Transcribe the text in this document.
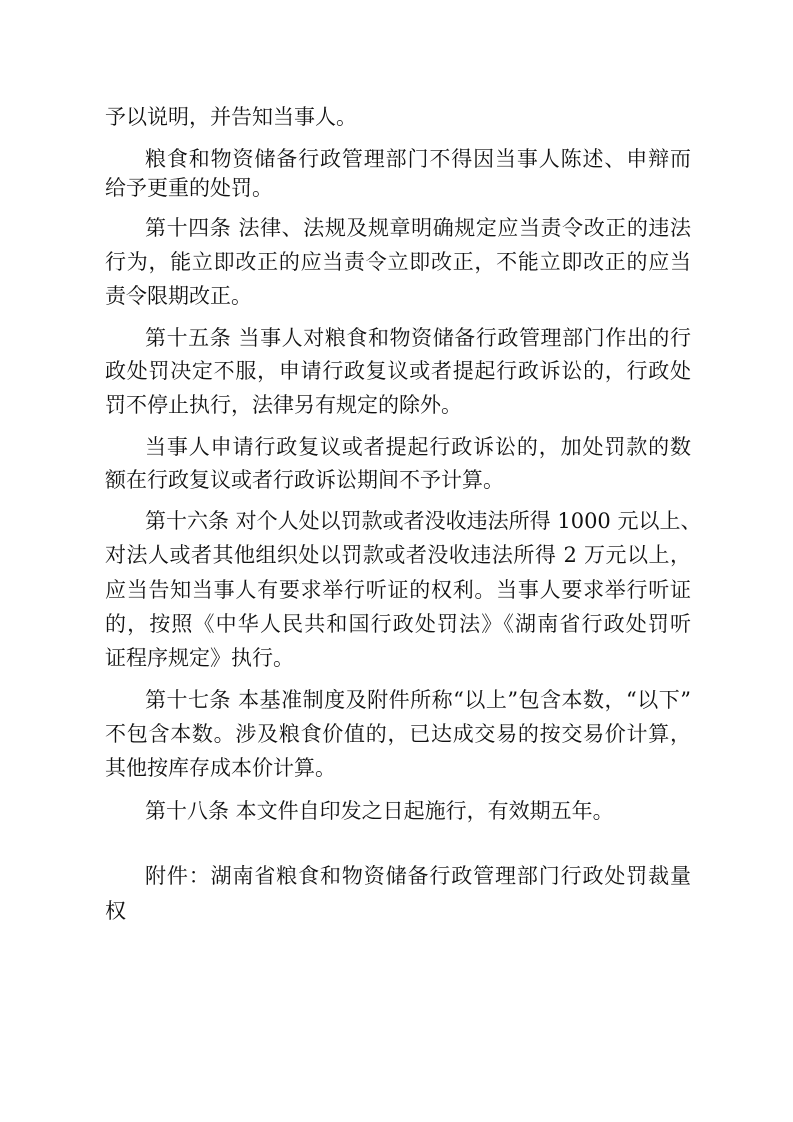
予以说明，并告知当事人。
粮食和物资储备行政管理部门不得因当事人陈述、申辩而
给予更重的处罚。
第十四条 法律、法规及规章明确规定应当责令改正的违法
行为，能立即改正的应当责令立即改正，不能立即改正的应当
责令限期改正。
第十五条 当事人对粮食和物资储备行政管理部门作出的行
政处罚决定不服，申请行政复议或者提起行政诉讼的，行政处
罚不停止执行，法律另有规定的除外。
当事人申请行政复议或者提起行政诉讼的，加处罚款的数
额在行政复议或者行政诉讼期间不予计算。
第十六条 对个人处以罚款或者没收违法所得 1000 元以上、
对法人或者其他组织处以罚款或者没收违法所得 2 万元以上，
应当告知当事人有要求举行听证的权利。当事人要求举行听证
的，按照《中华人民共和国行政处罚法》《湖南省行政处罚听
证程序规定》执行。
第十七条 本基准制度及附件所称“以上”包含本数，“以下”
不包含本数。涉及粮食价值的，已达成交易的按交易价计算，
其他按库存成本价计算。
第十八条 本文件自印发之日起施行，有效期五年。
附件：湖南省粮食和物资储备行政管理部门行政处罚裁量
权
